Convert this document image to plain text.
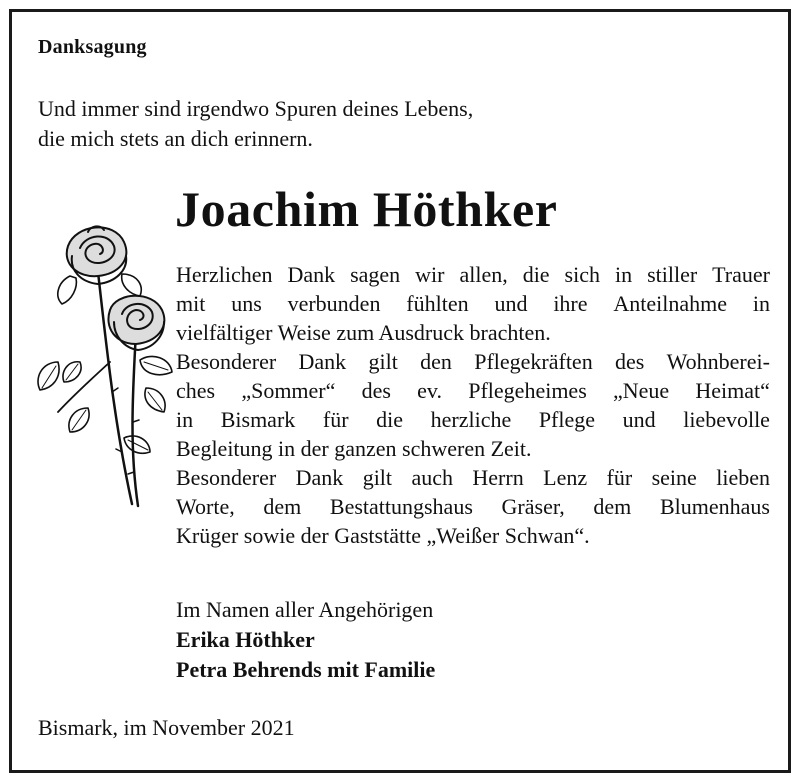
Danksagung

Und immer sind irgendwo Spuren deines Lebens,
die mich stets an dich erinnern.

Joachim Höthker
Herzlichen Dank sagen wir allen, die sich in stiller Trauer
mit uns verbunden fühlten und ihre Anteilnahme in
vielfältiger Weise zum Ausdruck brachten.
Besonderer Dank gilt den Pflegekräften des Wohnberei-
ches „Sommer“ des ev. Pflegeheimes „Neue Heimat“
in Bismark für die herzliche Pflege und liebevolle
Begleitung in der ganzen schweren Zeit.
Besonderer Dank gilt auch Herrn Lenz für seine lieben
Worte, dem Bestattungshaus Gräser, dem Blumenhaus
Krüger sowie der Gaststätte „Weißer Schwan“.
Im Namen aller Angehörigen
Erika Höthker
Petra Behrends mit Familie

Bismark, im November 2021
